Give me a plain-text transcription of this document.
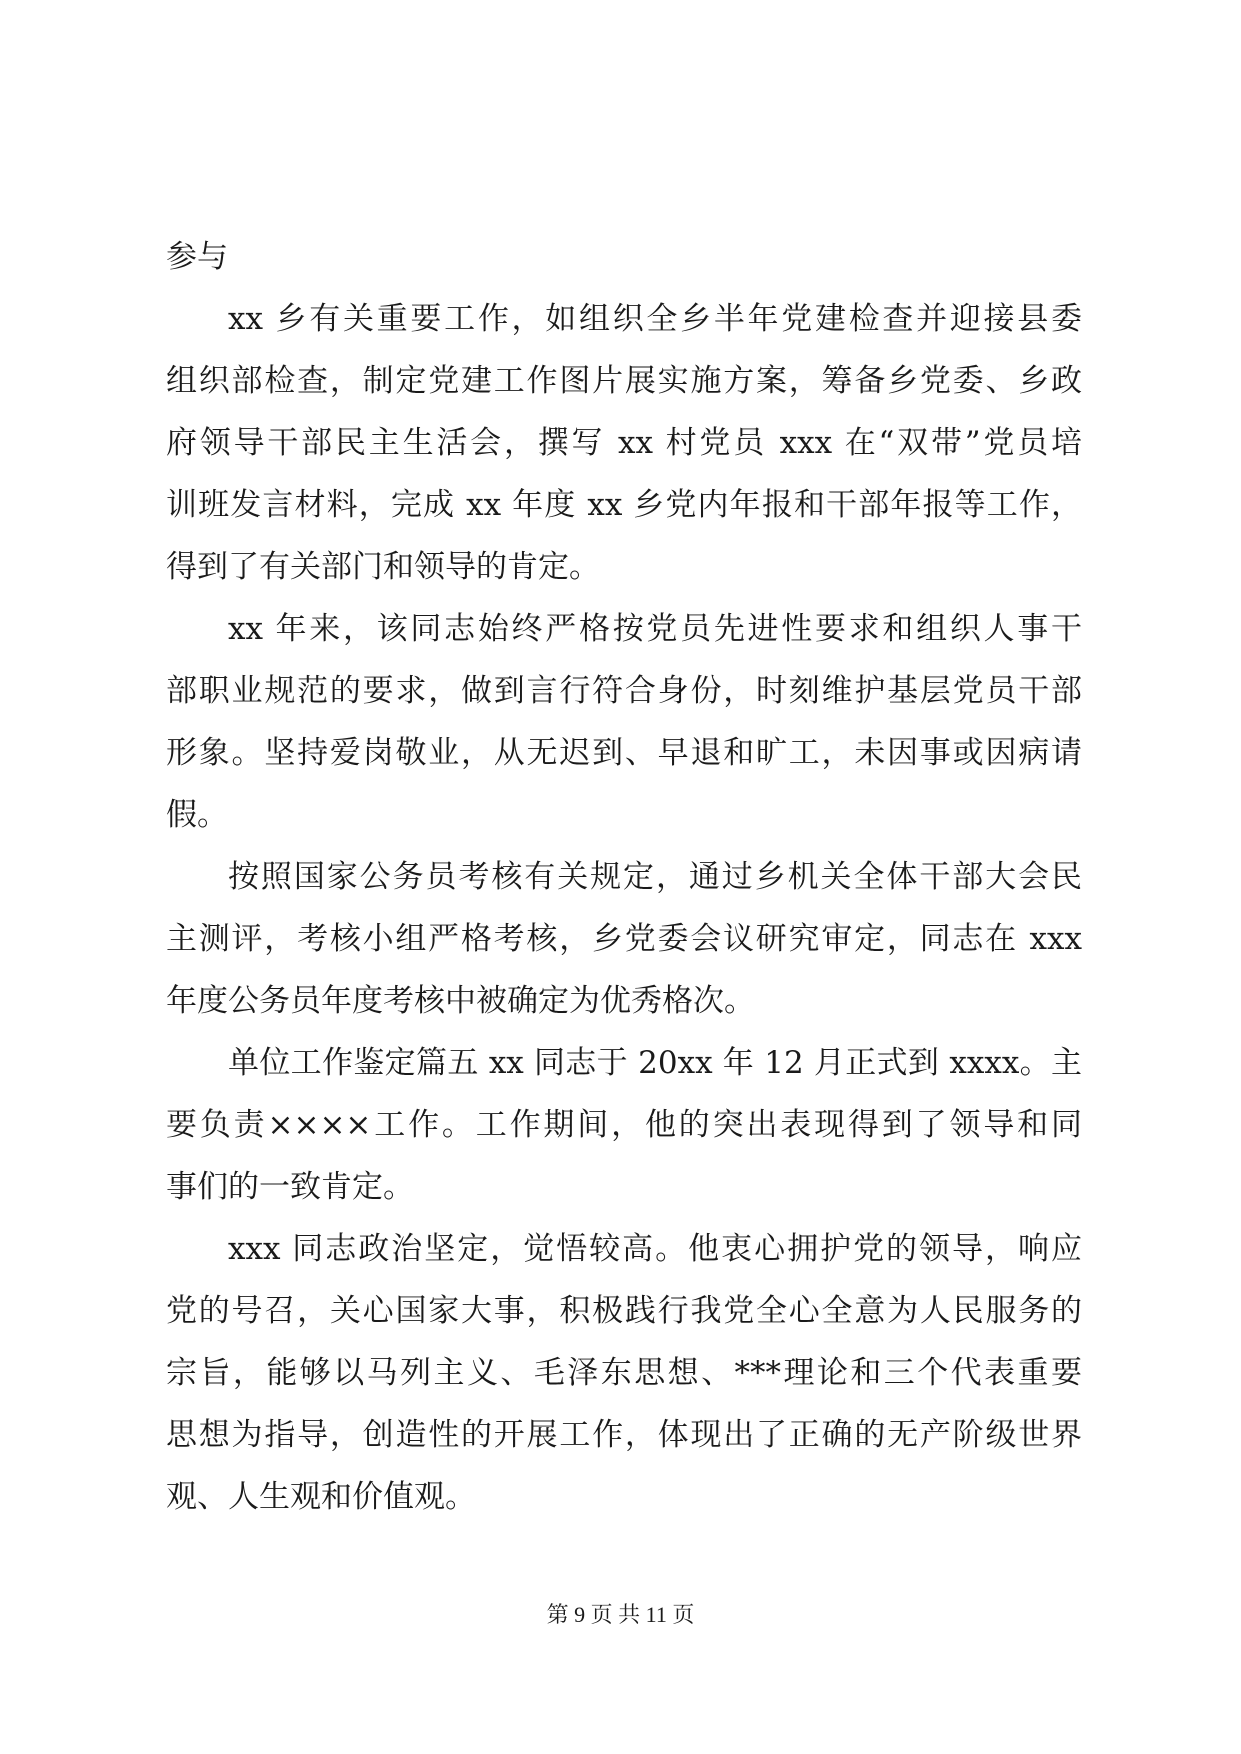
参与
xx 乡有关重要工作，如组织全乡半年党建检查并迎接县委
组织部检查，制定党建工作图片展实施方案，筹备乡党委、乡政
府领导干部民主生活会，撰写 xx 村党员 xxx 在“双带”党员培
训班发言材料，完成 xx 年度 xx 乡党内年报和干部年报等工作，
得到了有关部门和领导的肯定。
xx 年来，该同志始终严格按党员先进性要求和组织人事干
部职业规范的要求，做到言行符合身份，时刻维护基层党员干部
形象。坚持爱岗敬业，从无迟到、早退和旷工，未因事或因病请
假。
按照国家公务员考核有关规定，通过乡机关全体干部大会民
主测评，考核小组严格考核，乡党委会议研究审定，同志在 xxx
年度公务员年度考核中被确定为优秀格次。
单位工作鉴定篇五 xx 同志于 20xx 年 12 月正式到 xxxx。主
要负责××××工作。工作期间，他的突出表现得到了领导和同
事们的一致肯定。
xxx 同志政治坚定，觉悟较高。他衷心拥护党的领导，响应
党的号召，关心国家大事，积极践行我党全心全意为人民服务的
宗旨，能够以马列主义、毛泽东思想、***理论和三个代表重要
思想为指导，创造性的开展工作，体现出了正确的无产阶级世界
观、人生观和价值观。
第 9 页 共 11 页
